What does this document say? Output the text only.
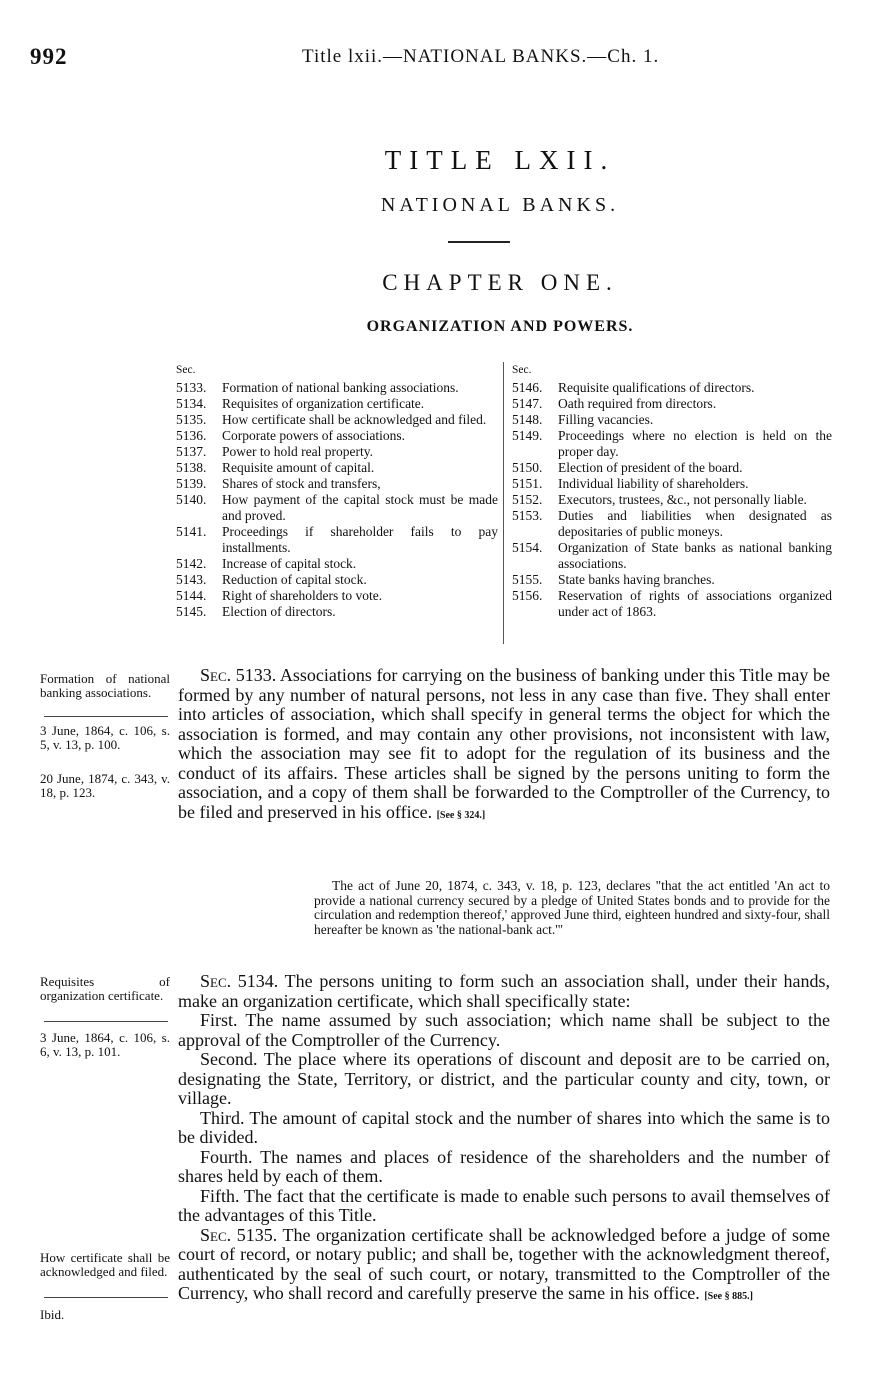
992	Title lxii.—NATIONAL BANKS.—Ch. 1.
TITLE LXII.
NATIONAL BANKS.
CHAPTER ONE.
ORGANIZATION AND POWERS.
Sec.
5133.	Formation of national banking associations.
5134.	Requisites of organization certificate.
5135.	How certificate shall be acknowledged and filed.
5136.	Corporate powers of associations.
5137.	Power to hold real property.
5138.	Requisite amount of capital.
5139.	Shares of stock and transfers,
5140.	How payment of the capital stock must be made and proved.
5141.	Proceedings if shareholder fails to pay installments.
5142.	Increase of capital stock.
5143.	Reduction of capital stock.
5144.	Right of shareholders to vote.
5145.	Election of directors.
Sec.
5146.	Requisite qualifications of directors.
5147.	Oath required from directors.
5148.	Filling vacancies.
5149.	Proceedings where no election is held on the proper day.
5150.	Election of president of the board.
5151.	Individual liability of shareholders.
5152.	Executors, trustees, &c., not personally liable.
5153.	Duties and liabilities when designated as depositaries of public moneys.
5154.	Organization of State banks as national banking associations.
5155.	State banks having branches.
5156.	Reservation of rights of associations organized under act of 1863.
Formation of national banking associations.
3 June, 1864, c. 106, s. 5, v. 13, p. 100.
20 June, 1874, c. 343, v. 18, p. 123.
Requisites of organization certificate.
3 June, 1864, c. 106, s. 6, v. 13, p. 101.
How certificate shall be acknowledged and filed.
Ibid.

Sec. 5133. Associations for carrying on the business of banking under this Title may be formed by any number of natural persons, not less in any case than five. They shall enter into articles of association, which shall specify in general terms the object for which the association is formed, and may contain any other provisions, not inconsistent with law, which the association may see fit to adopt for the regulation of its business and the conduct of its affairs. These articles shall be signed by the persons uniting to form the association, and a copy of them shall be forwarded to the Comptroller of the Currency, to be filed and preserved in his office. [See § 324.]

The act of June 20, 1874, c. 343, v. 18, p. 123, declares "that the act entitled 'An act to provide a national currency secured by a pledge of United States bonds and to provide for the circulation and redemption thereof,' approved June third, eighteen hundred and sixty-four, shall hereafter be known as 'the national-bank act.'"

Sec. 5134. The persons uniting to form such an association shall, under their hands, make an organization certificate, which shall specifically state:

First. The name assumed by such association; which name shall be subject to the approval of the Comptroller of the Currency.

Second. The place where its operations of discount and deposit are to be carried on, designating the State, Territory, or district, and the particular county and city, town, or village.

Third. The amount of capital stock and the number of shares into which the same is to be divided.

Fourth. The names and places of residence of the shareholders and the number of shares held by each of them.

Fifth. The fact that the certificate is made to enable such persons to avail themselves of the advantages of this Title.

Sec. 5135. The organization certificate shall be acknowledged before a judge of some court of record, or notary public; and shall be, together with the acknowledgment thereof, authenticated by the seal of such court, or notary, transmitted to the Comptroller of the Currency, who shall record and carefully preserve the same in his office. [See § 885.]
